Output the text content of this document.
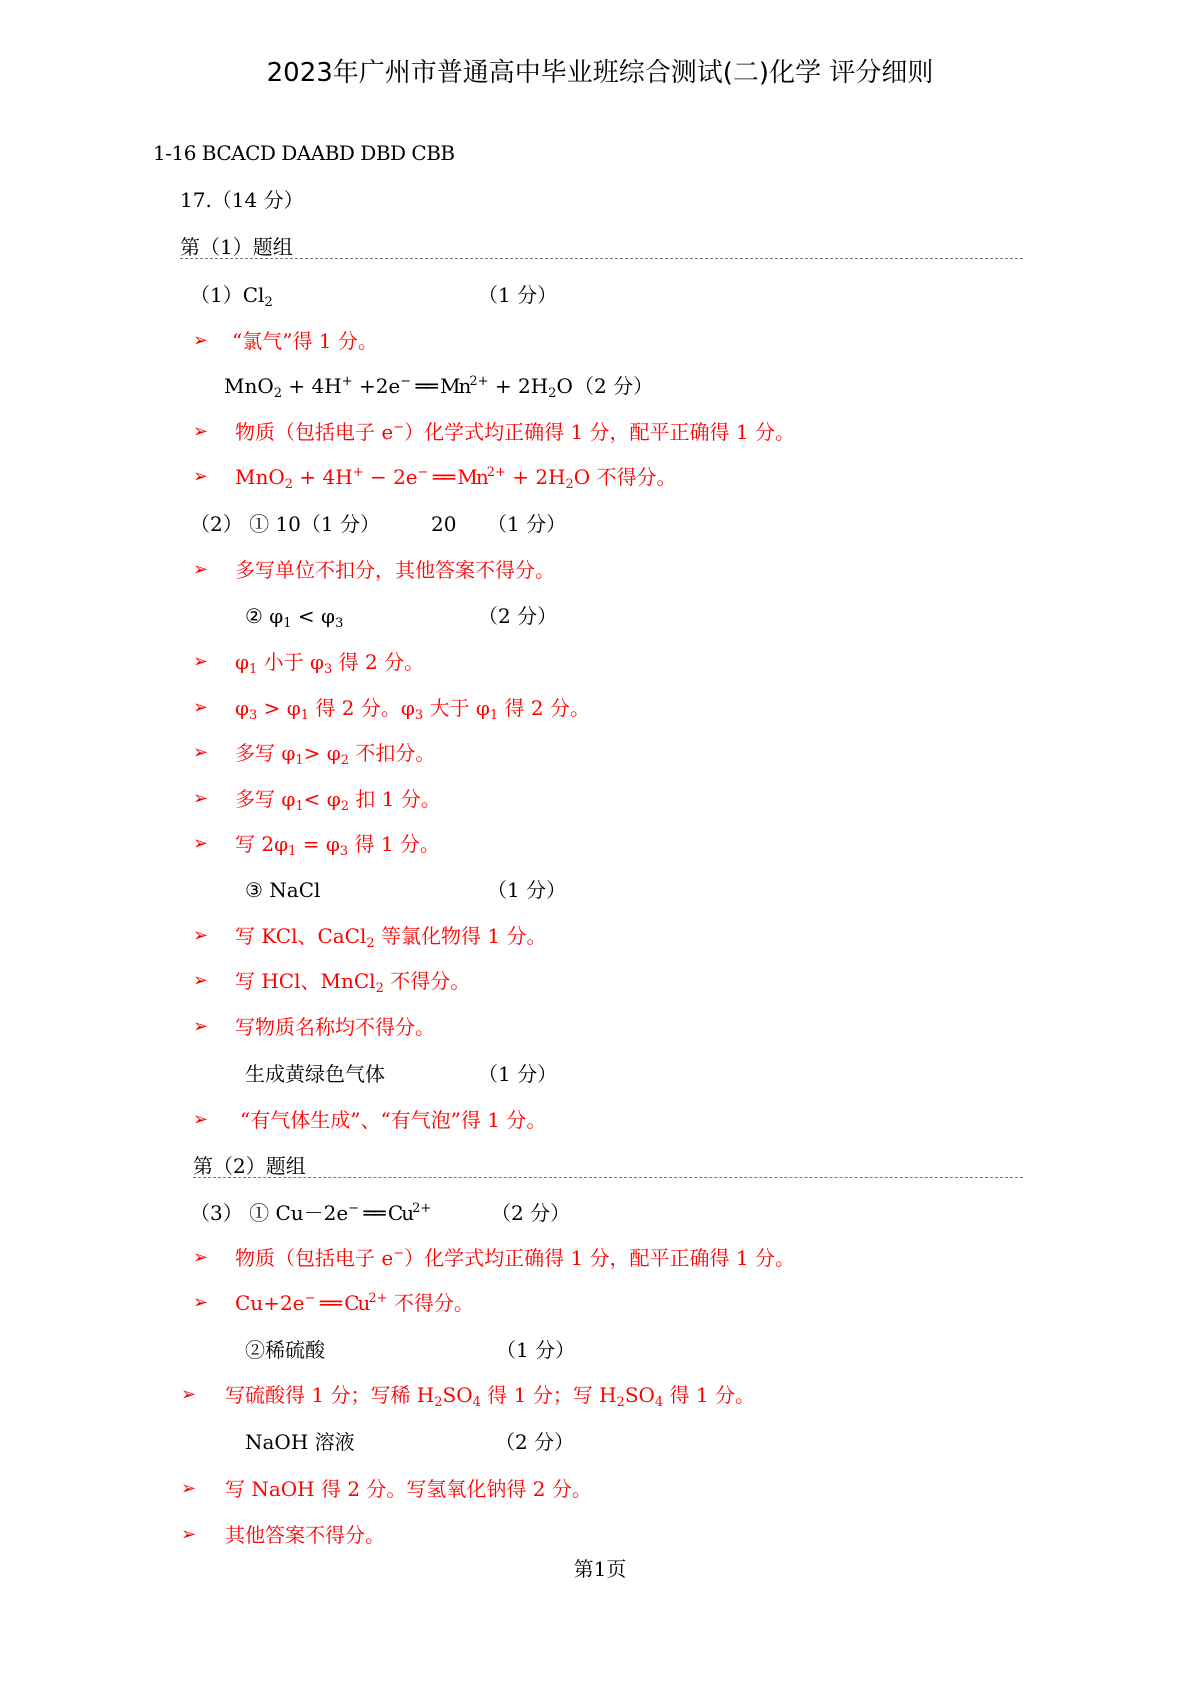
2023年广州市普通高中毕业班综合测试(二)化学 评分细则
1-16 BCACD DAABD DBD CBB
17.（14 分）
第（1）题组
$(1)Cl_2$	（1 分）
➢ “氯气”得 1 分。
MnO$_2$ + 4H+ +2e− ══ $Mn^{2+} + 2H_2O$ （2 分）
➢ 物质（包括电子 e−）化学式均正确得 1 分，配平正确得 1 分。
➢ MnO$_2$ + 4H+ − 2e− ══ $Mn^{2+} + 2H_2O$ 不得分。
（2） ① 10（1 分）	20 （1 分）
➢ 多写单位不扣分，其他答案不得分。
② $\varphi_1 < \varphi_3$	（2 分）
➢ $\varphi_1$ 小于 $\varphi_3$ 得 2 分。
➢ $\varphi_3 > \varphi_1$ 得 2 分。$\varphi_3$ 大于 $\varphi_1$ 得 2 分。
➢ 多写 $\varphi_1> \varphi_2$ 不扣分。
➢ 多写 $\varphi_1< \varphi_2$ 扣 1 分。
➢ 写 $2\varphi_1 = \varphi_3$ 得 1 分。
③ NaCl	（1 分）
➢ 写 KCl、CaCl$_2$ 等氯化物得 1 分。
➢ 写 HCl、MnCl$_2$ 不得分。
➢ 写物质名称均不得分。
生成黄绿色气体	（1 分）
➢ “有气体生成”、“有气泡”得 1 分。
第（2）题组
（3） ① Cu－2e− ══ $Cu^{2+}$	（2 分）
➢ 物质（包括电子 e−）化学式均正确得 1 分，配平正确得 1 分。
➢ Cu+2e− ══ $Cu^{2+}$ 不得分。
②稀硫酸	（1 分）
➢ 写硫酸得 1 分；写稀 $H_2SO_4$ 得 1 分；写 $H_2SO_4$ 得 1 分。
NaOH 溶液	（2 分）
➢ 写 NaOH 得 2 分。写氢氧化钠得 2 分。
➢ 其他答案不得分。
第1页
